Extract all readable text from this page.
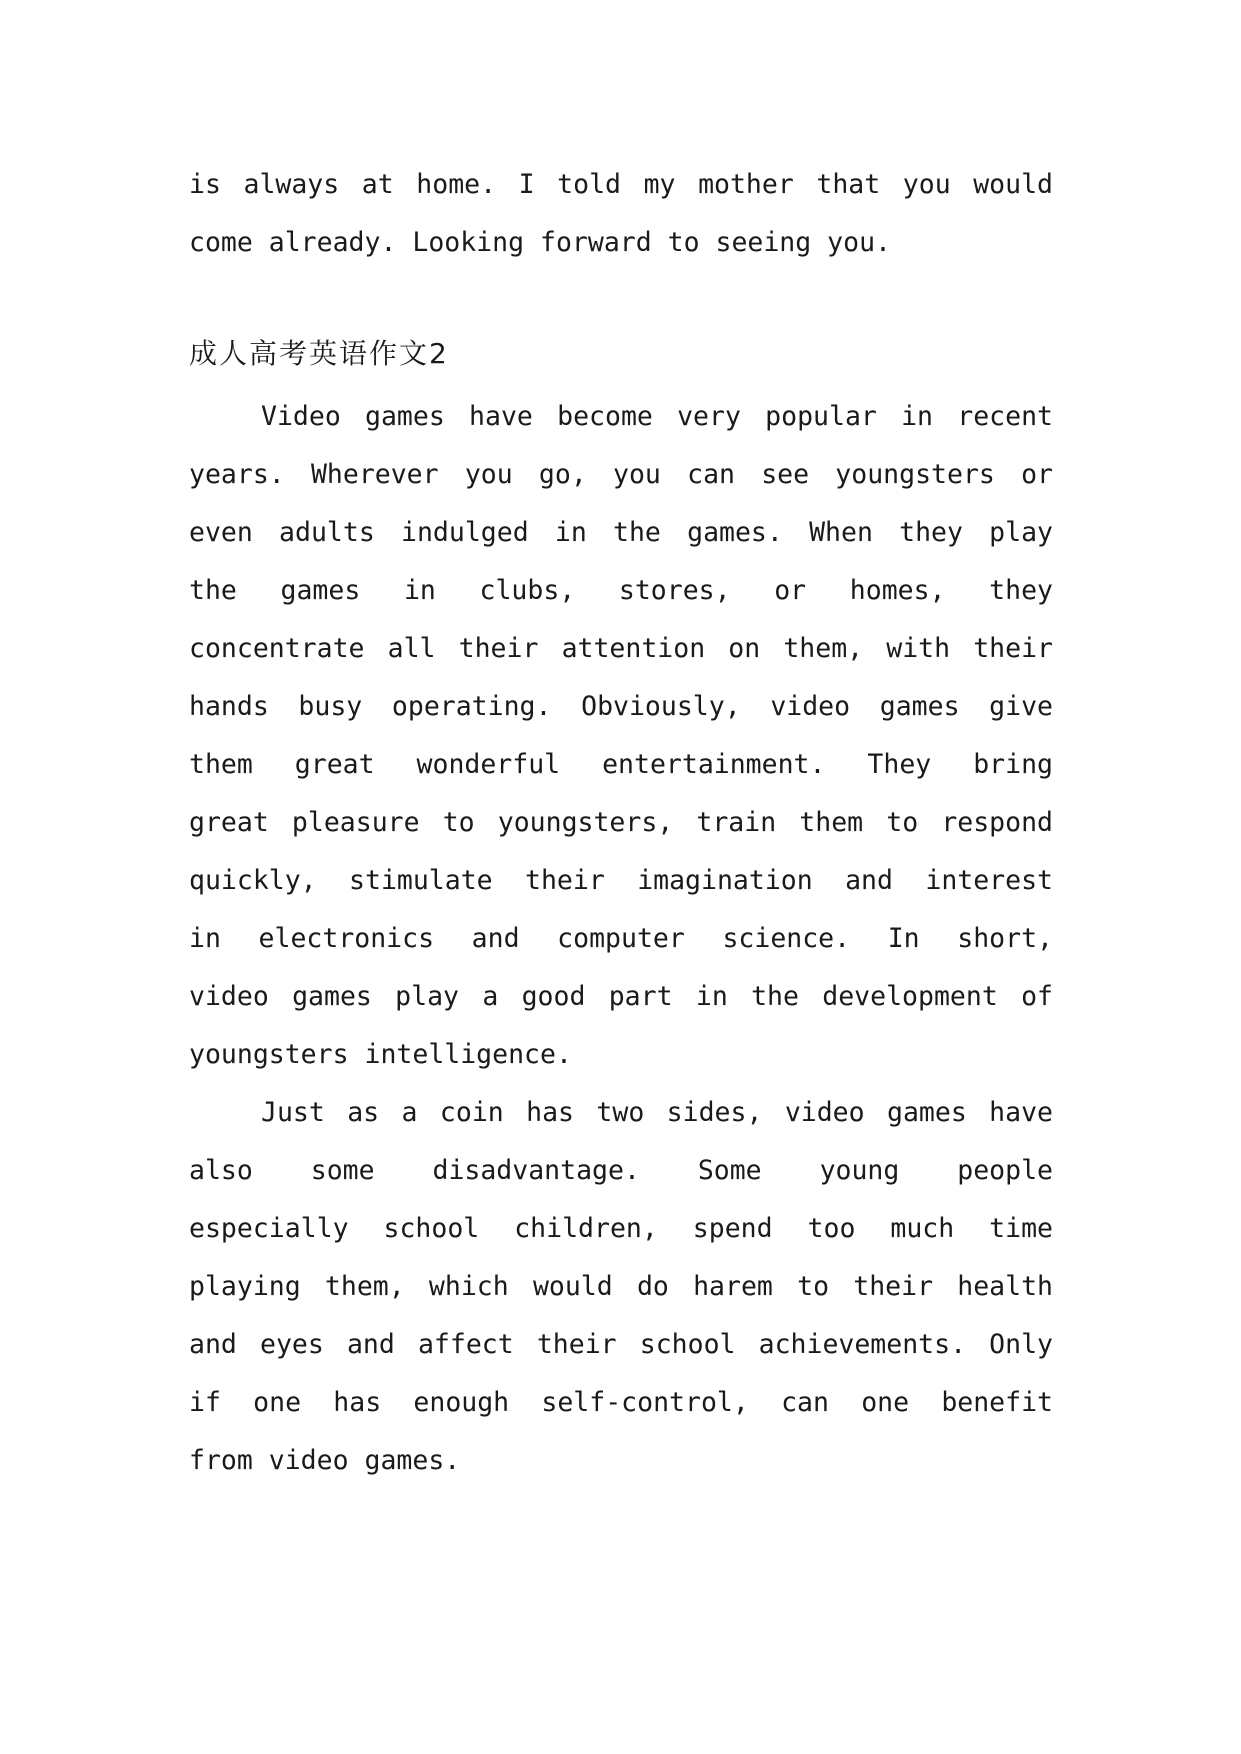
is always at home. I told my mother that you would
come already. Looking forward to seeing you.
成人高考英语作文2
Video games have become very popular in recent
years. Wherever you go, you can see youngsters or
even adults indulged in the games. When they play
the games in clubs, stores, or homes, they
concentrate all their attention on them, with their
hands busy operating. Obviously, video games give
them great wonderful entertainment. They bring
great pleasure to youngsters, train them to respond
quickly, stimulate their imagination and interest
in electronics and computer science. In short,
video games play a good part in the development of
youngsters intelligence.
Just as a coin has two sides, video games have
also some disadvantage. Some young people
especially school children, spend too much time
playing them, which would do harem to their health
and eyes and affect their school achievements. Only
if one has enough self-control, can one benefit
from video games.
